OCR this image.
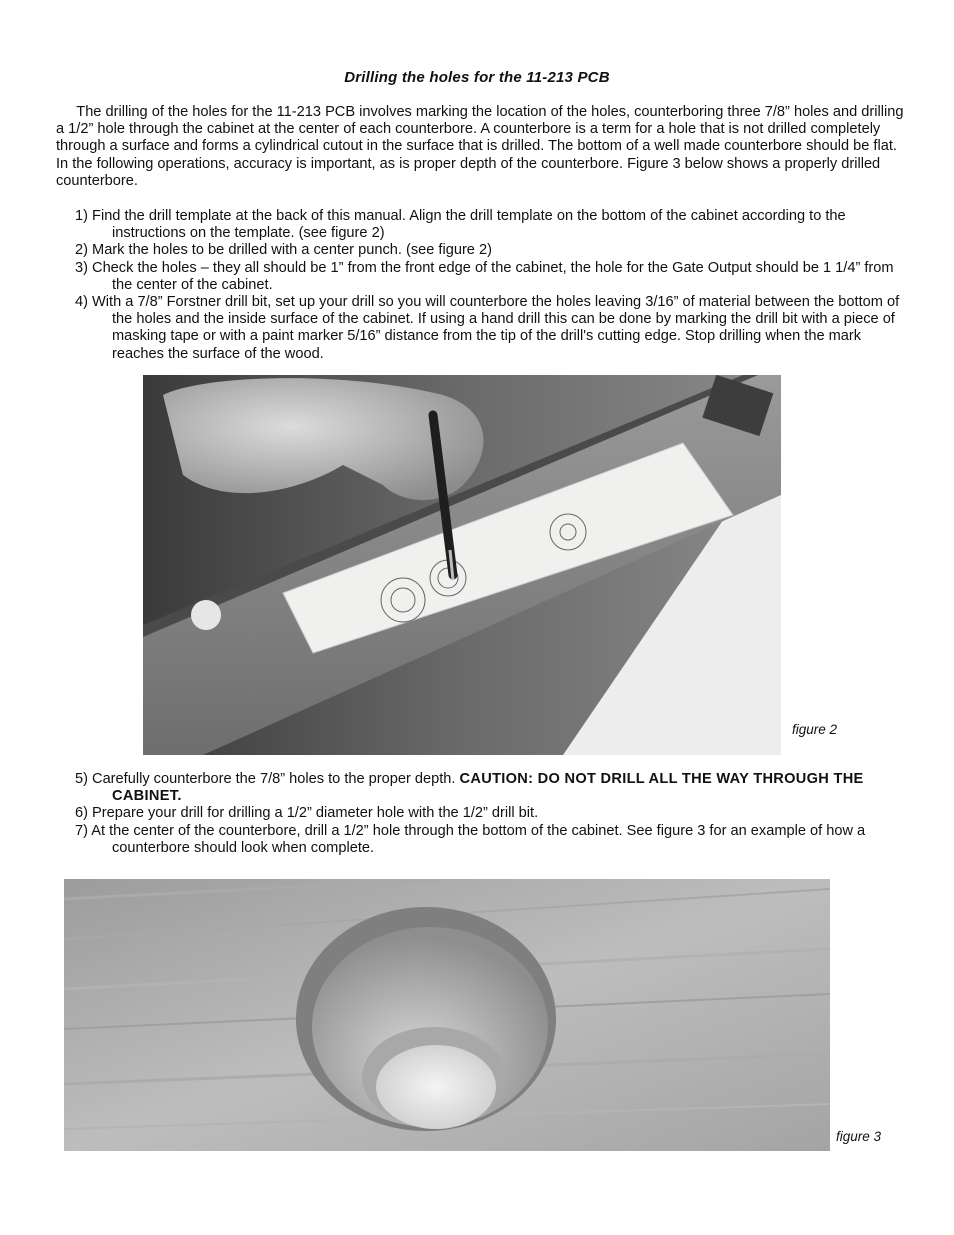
Drilling the holes for the 11-213 PCB

The drilling of the holes for the 11-213 PCB involves marking the location of the holes, counterboring three 7/8” holes and drilling a 1/2” hole through the cabinet at the center of each counterbore. A counterbore is a term for a hole that is not drilled completely through a surface and forms a cylindrical cutout in the surface that is drilled. The bottom of a well made counterbore should be flat. In the following operations, accuracy is important, as is proper depth of the counterbore. Figure 3 below shows a properly drilled counterbore.

1) Find the drill template at the back of this manual. Align the drill template on the bottom of the cabinet according to the instructions on the template. (see figure 2)
2) Mark the holes to be drilled with a center punch. (see figure 2)
3) Check the holes – they all should be 1” from the front edge of the cabinet, the hole for the Gate Output should be 1 1/4” from the center of the cabinet.
4) With a 7/8” Forstner drill bit, set up your drill so you will counterbore the holes leaving 3/16” of material between the bottom of the holes and the inside surface of the cabinet. If using a hand drill this can be done by marking the drill bit with a piece of masking tape or with a paint marker 5/16” distance from the tip of the drill's cutting edge. Stop drilling when the mark reaches the surface of the wood.
figure 2
5) Carefully counterbore the 7/8” holes to the proper depth. CAUTION: DO NOT DRILL ALL THE WAY THROUGH THE CABINET.
6) Prepare your drill for drilling a 1/2” diameter hole with the 1/2” drill bit.
7) At the center of the counterbore, drill a 1/2” hole through the bottom of the cabinet. See figure 3 for an example of how a counterbore should look when complete.
figure 3
